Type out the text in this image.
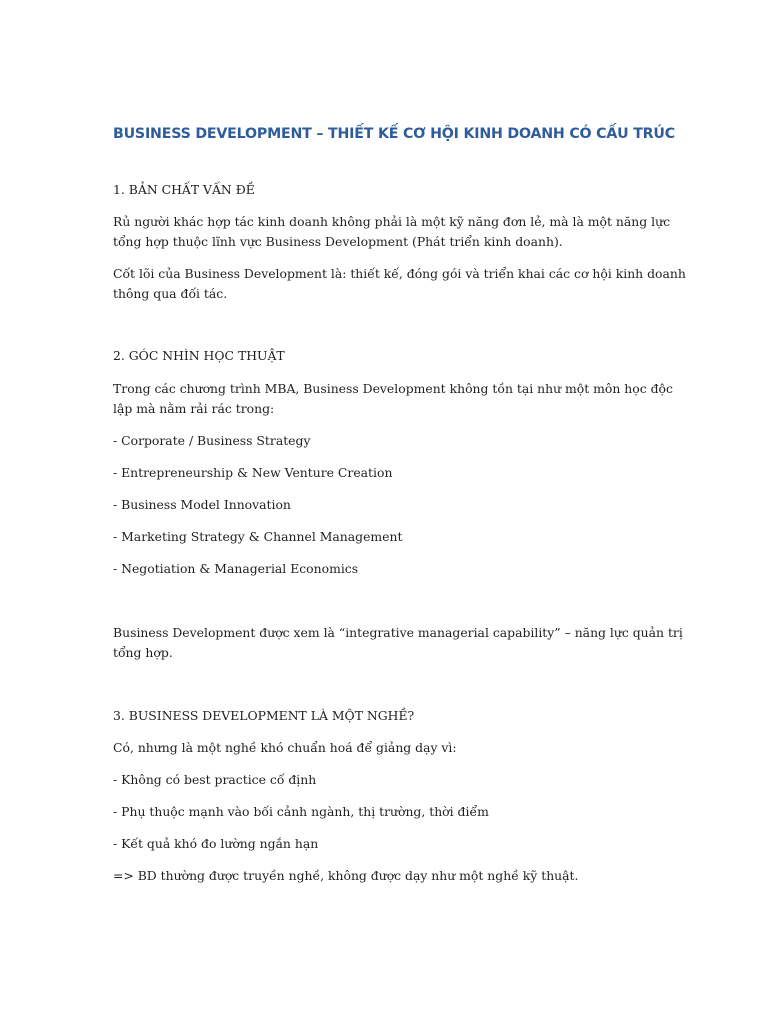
BUSINESS DEVELOPMENT – THIẾT KẾ CƠ HỘI KINH DOANH CÓ CẤU TRÚC
1. BẢN CHẤT VẤN ĐỀ

Rủ người khác hợp tác kinh doanh không phải là một kỹ năng đơn lẻ, mà là một năng lực

tổng hợp thuộc lĩnh vực Business Development (Phát triển kinh doanh).

Cốt lõi của Business Development là: thiết kế, đóng gói và triển khai các cơ hội kinh doanh

thông qua đối tác.

2. GÓC NHÌN HỌC THUẬT

Trong các chương trình MBA, Business Development không tồn tại như một môn học độc

lập mà nằm rải rác trong:

- Corporate / Business Strategy

- Entrepreneurship & New Venture Creation

- Business Model Innovation

- Marketing Strategy & Channel Management

- Negotiation & Managerial Economics

Business Development được xem là “integrative managerial capability” – năng lực quản trị

tổng hợp.

3. BUSINESS DEVELOPMENT LÀ MỘT NGHỀ?

Có, nhưng là một nghề khó chuẩn hoá để giảng dạy vì:

- Không có best practice cố định

- Phụ thuộc mạnh vào bối cảnh ngành, thị trường, thời điểm

- Kết quả khó đo lường ngắn hạn

=> BD thường được truyền nghề, không được dạy như một nghề kỹ thuật.
